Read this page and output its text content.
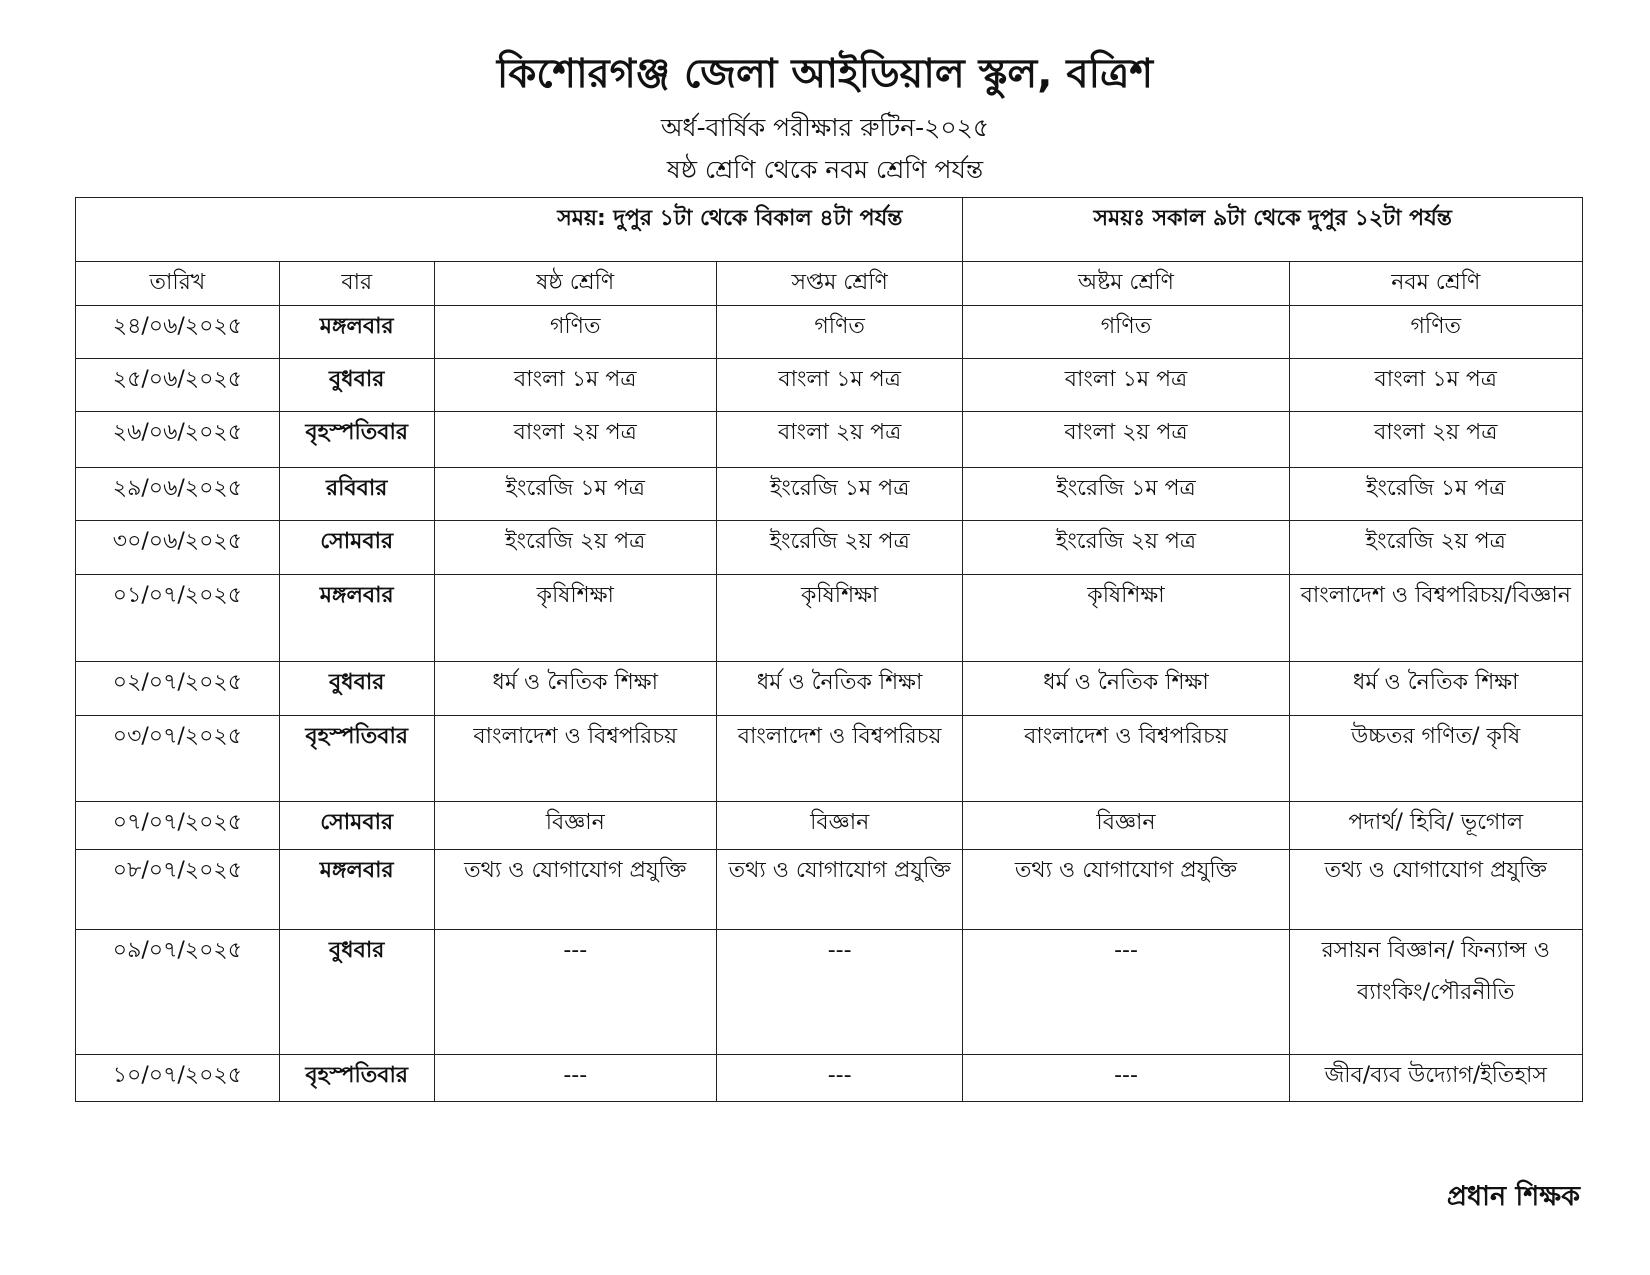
কিশোরগঞ্জ জেলা আইডিয়াল স্কুল, বত্রিশ
অর্ধ-বার্ষিক পরীক্ষার রুটিন-২০২৫
ষষ্ঠ শ্রেণি থেকে নবম শ্রেণি পর্যন্ত
সময়: দুপুর ১টা থেকে বিকাল ৪টা পর্যন্ত				সময়ঃ সকাল ৯টা থেকে দুপুর ১২টা পর্যন্ত	
তারিখ	বার	ষষ্ঠ শ্রেণি	সপ্তম শ্রেণি	অষ্টম শ্রেণি	নবম শ্রেণি
২৪/০৬/২০২৫	মঙ্গলবার	গণিত	গণিত	গণিত	গণিত
২৫/০৬/২০২৫	বুধবার	বাংলা ১ম পত্র	বাংলা ১ম পত্র	বাংলা ১ম পত্র	বাংলা ১ম পত্র
২৬/০৬/২০২৫	বৃহস্পতিবার	বাংলা ২য় পত্র	বাংলা ২য় পত্র	বাংলা ২য় পত্র	বাংলা ২য় পত্র
২৯/০৬/২০২৫	রবিবার	ইংরেজি ১ম পত্র	ইংরেজি ১ম পত্র	ইংরেজি ১ম পত্র	ইংরেজি ১ম পত্র
৩০/০৬/২০২৫	সোমবার	ইংরেজি ২য় পত্র	ইংরেজি ২য় পত্র	ইংরেজি ২য় পত্র	ইংরেজি ২য় পত্র
০১/০৭/২০২৫	মঙ্গলবার	কৃষিশিক্ষা	কৃষিশিক্ষা	কৃষিশিক্ষা	বাংলাদেশ ও বিশ্বপরিচয়/বিজ্ঞান
০২/০৭/২০২৫	বুধবার	ধর্ম ও নৈতিক শিক্ষা	ধর্ম ও নৈতিক শিক্ষা	ধর্ম ও নৈতিক শিক্ষা	ধর্ম ও নৈতিক শিক্ষা
০৩/০৭/২০২৫	বৃহস্পতিবার	বাংলাদেশ ও বিশ্বপরিচয়	বাংলাদেশ ও বিশ্বপরিচয়	বাংলাদেশ ও বিশ্বপরিচয়	উচ্চতর গণিত/ কৃষি
০৭/০৭/২০২৫	সোমবার	বিজ্ঞান	বিজ্ঞান	বিজ্ঞান	পদার্থ/ হিবি/ ভূগোল
০৮/০৭/২০২৫	মঙ্গলবার	তথ্য ও যোগাযোগ প্রযুক্তি	তথ্য ও যোগাযোগ প্রযুক্তি	তথ্য ও যোগাযোগ প্রযুক্তি	তথ্য ও যোগাযোগ প্রযুক্তি
০৯/০৭/২০২৫	বুধবার	---	---	---	রসায়ন বিজ্ঞান/ ফিন্যান্স ও ব্যাংকিং/পৌরনীতি
১০/০৭/২০২৫	বৃহস্পতিবার	---	---	---	জীব/ব্যব উদ্যোগ/ইতিহাস
প্রধান শিক্ষক
